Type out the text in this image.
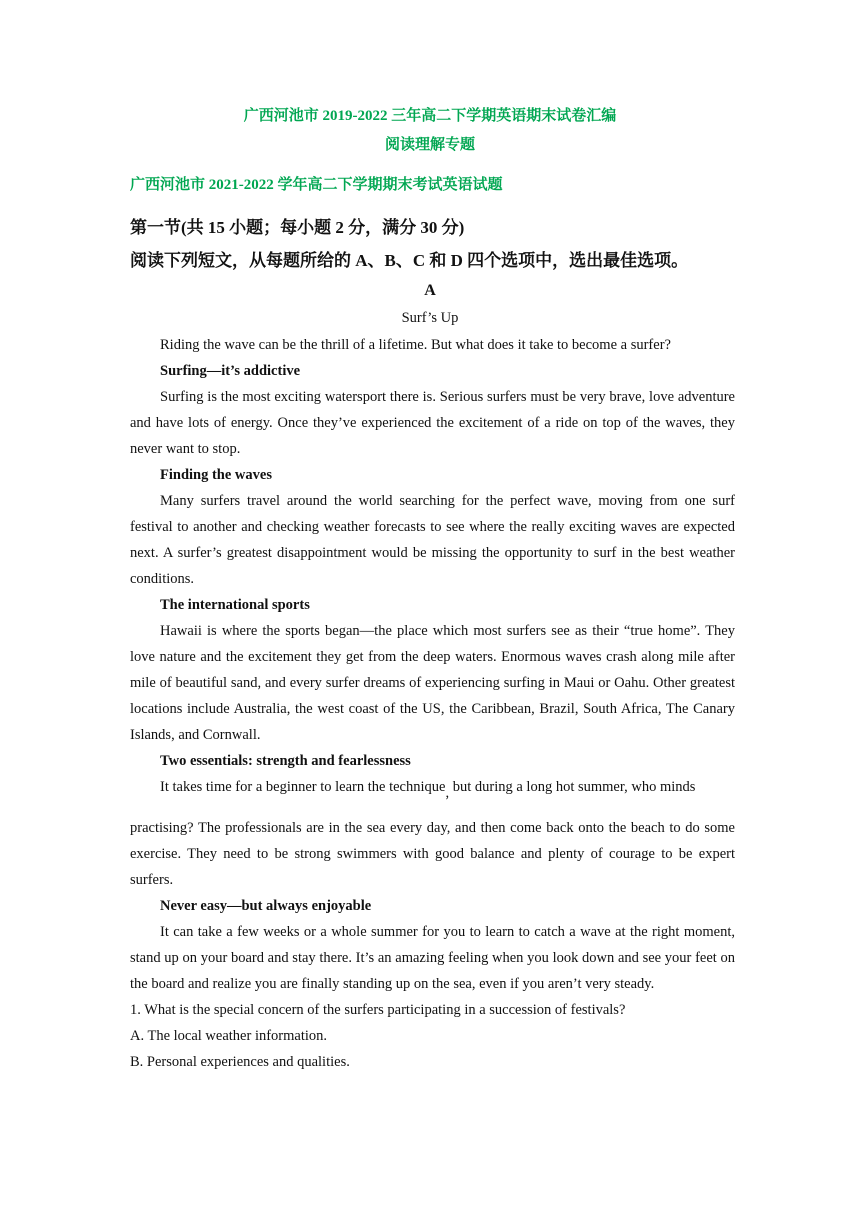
广西河池市 2019-2022 三年高二下学期英语期末试卷汇编
阅读理解专题
广西河池市 2021-2022 学年高二下学期期末考试英语试题
第一节(共 15 小题；每小题 2 分，满分 30 分)
阅读下列短文，从每题所给的 A、B、C 和 D 四个选项中，选出最佳选项。
A
Surf’s Up

Riding the wave can be the thrill of a lifetime. But what does it take to become a surfer?

Surfing—it’s addictive

Surfing is the most exciting watersport there is. Serious surfers must be very brave, love adventure and have lots of energy. Once they’ve experienced the excitement of a ride on top of the waves, they never want to stop.

Finding the waves

Many surfers travel around the world searching for the perfect wave, moving from one surf festival to another and checking weather forecasts to see where the really exciting waves are expected next. A surfer’s greatest disappointment would be missing the opportunity to surf in the best weather conditions.

The international sports

Hawaii is where the sports began—the place which most surfers see as their “true home”. They love nature and the excitement they get from the deep waters. Enormous waves crash along mile after mile of beautiful sand, and every surfer dreams of experiencing surfing in Maui or Oahu. Other greatest locations include Australia, the west coast of the US, the Caribbean, Brazil, South Africa, The Canary Islands, and Cornwall.

Two essentials: strength and fearlessness

It takes time for a beginner to learn the technique, but during a long hot summer, who minds

practising? The professionals are in the sea every day, and then come back onto the beach to do some exercise. They need to be strong swimmers with good balance and plenty of courage to be expert surfers.

Never easy—but always enjoyable

It can take a few weeks or a whole summer for you to learn to catch a wave at the right moment, stand up on your board and stay there. It’s an amazing feeling when you look down and see your feet on the board and realize you are finally standing up on the sea, even if you aren’t very steady.

1. What is the special concern of the surfers participating in a succession of festivals?

A. The local weather information.

B. Personal experiences and qualities.
